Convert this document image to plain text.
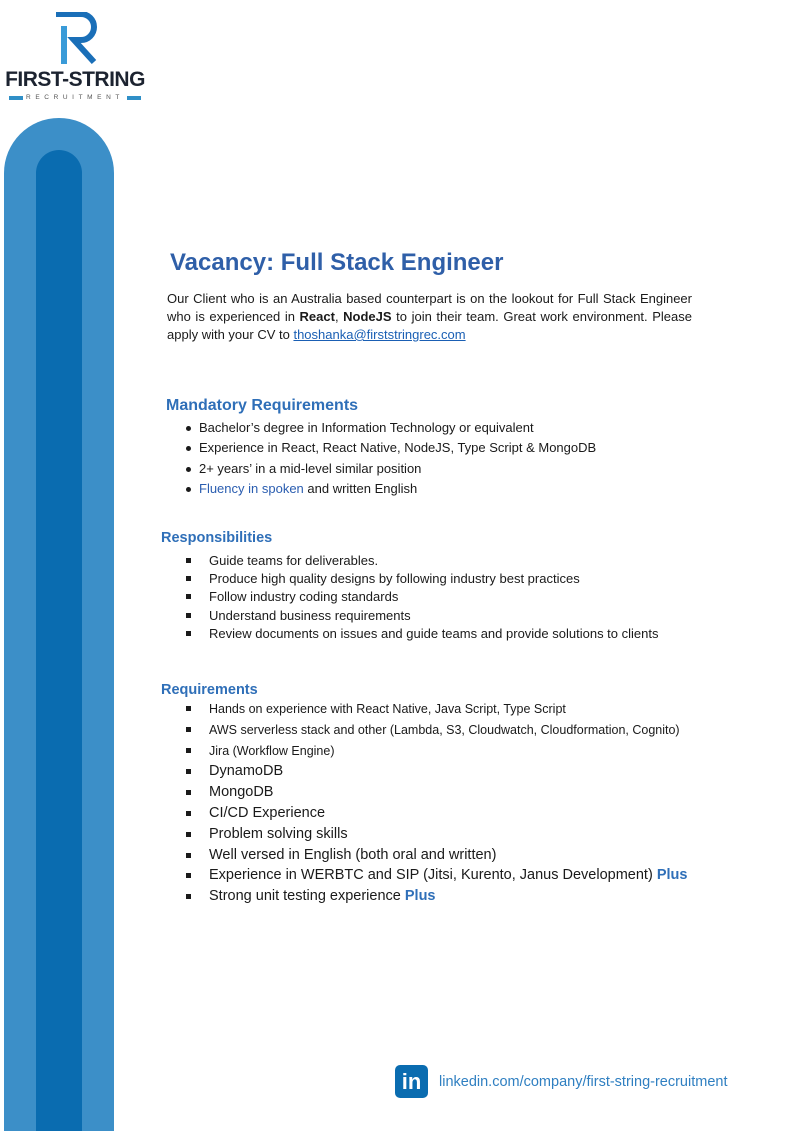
FIRST-STRING
RECRUITMENT
Vacancy: Full Stack Engineer

Our Client who is an Australia based counterpart is on the lookout for Full Stack Engineer who is experienced in React, NodeJS to join their team. Great work environment. Please apply with your CV to thoshanka@firststringrec.com

Mandatory Requirements
Bachelor’s degree in Information Technology or equivalent
Experience in React, React Native, NodeJS, Type Script & MongoDB
2+ years’ in a mid-level similar position
Fluency in spoken and written English
Responsibilities
Guide teams for deliverables.
Produce high quality designs by following industry best practices
Follow industry coding standards
Understand business requirements
Review documents on issues and guide teams and provide solutions to clients
Requirements
Hands on experience with React Native, Java Script, Type Script
AWS serverless stack and other (Lambda, S3, Cloudwatch, Cloudformation, Cognito)
Jira (Workflow Engine)
DynamoDB
MongoDB
CI/CD Experience
Problem solving skills
Well versed in English (both oral and written)
Experience in WERBTC and SIP (Jitsi, Kurento, Janus Development) Plus
Strong unit testing experience Plus
in	linkedin.com/company/first-string-recruitment
